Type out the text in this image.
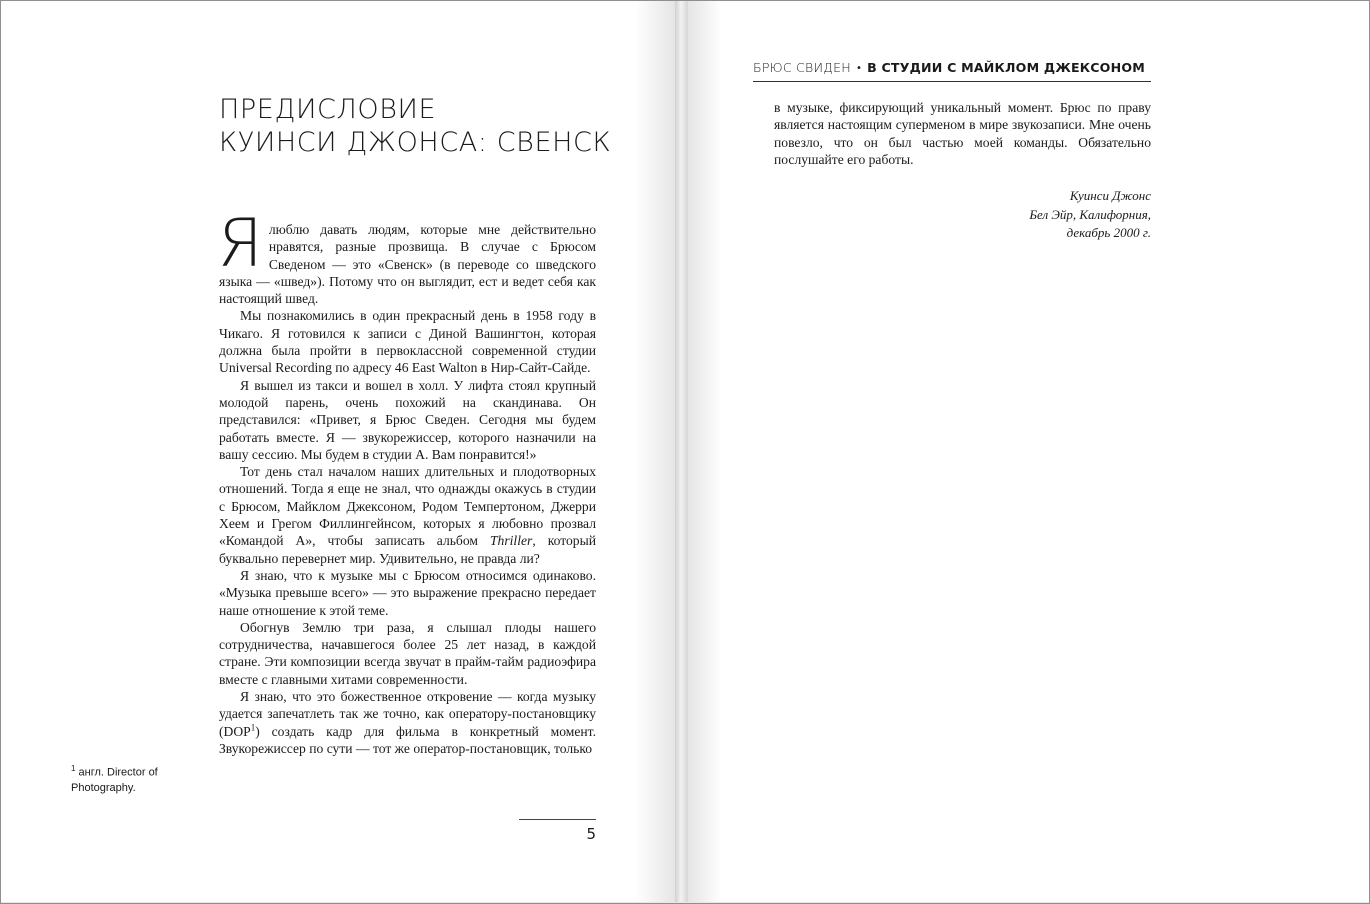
ПРЕДИСЛОВИЕ
КУИНСИ ДЖОНСА: СВЕНСК

Я люблю давать людям, которые мне действительно нравятся, разные прозвища. В случае с Брюсом Сведеном — это «Свенск» (в переводе со шведского языка — «швед»). Потому что он выглядит, ест и ведет себя как настоящий швед.

Мы познакомились в один прекрасный день в 1958 году в Чикаго. Я готовился к записи с Диной Вашингтон, которая должна была пройти в первоклассной современной студии Universal Recording по адресу 46 East Walton в Нир-Сайт-Сайде.

Я вышел из такси и вошел в холл. У лифта стоял крупный молодой парень, очень похожий на скандинава. Он представился: «Привет, я Брюс Сведен. Сегодня мы будем работать вместе. Я — звукорежиссер, которого назначили на вашу сессию. Мы будем в студии А. Вам понравится!»

Тот день стал началом наших длительных и плодотворных отношений. Тогда я еще не знал, что однажды окажусь в студии с Брюсом, Майклом Джексоном, Родом Темпертоном, Джерри Хеем и Грегом Филлингейнсом, которых я любовно прозвал «Командой А», чтобы записать альбом Thriller, который буквально перевернет мир. Удивительно, не правда ли?

Я знаю, что к музыке мы с Брюсом относимся одинаково. «Музыка превыше всего» — это выражение прекрасно передает наше отношение к этой теме.

Обогнув Землю три раза, я слышал плоды нашего сотрудничества, начавшегося более 25 лет назад, в каждой стране. Эти композиции всегда звучат в прайм-тайм радиоэфира вместе с главными хитами современности.

Я знаю, что это божественное откровение — когда музыку удается запечатлеть так же точно, как оператору-постановщику (DOP$^1$) создать кадр для фильма в конкретный момент. Звукорежиссер по сути — тот же оператор-постановщик, только

$^1$ англ. Director of Photography.
5
БРЮС СВИДЕН • В СТУДИИ С МАЙКЛОМ ДЖЕКСОНОМ

в музыке, фиксирующий уникальный момент. Брюс по праву является настоящим суперменом в мире звукозаписи. Мне очень повезло, что он был частью моей команды. Обязательно послушайте его работы.

Куинси Джонс
Бел Эйр, Калифорния,
декабрь 2000 г.
